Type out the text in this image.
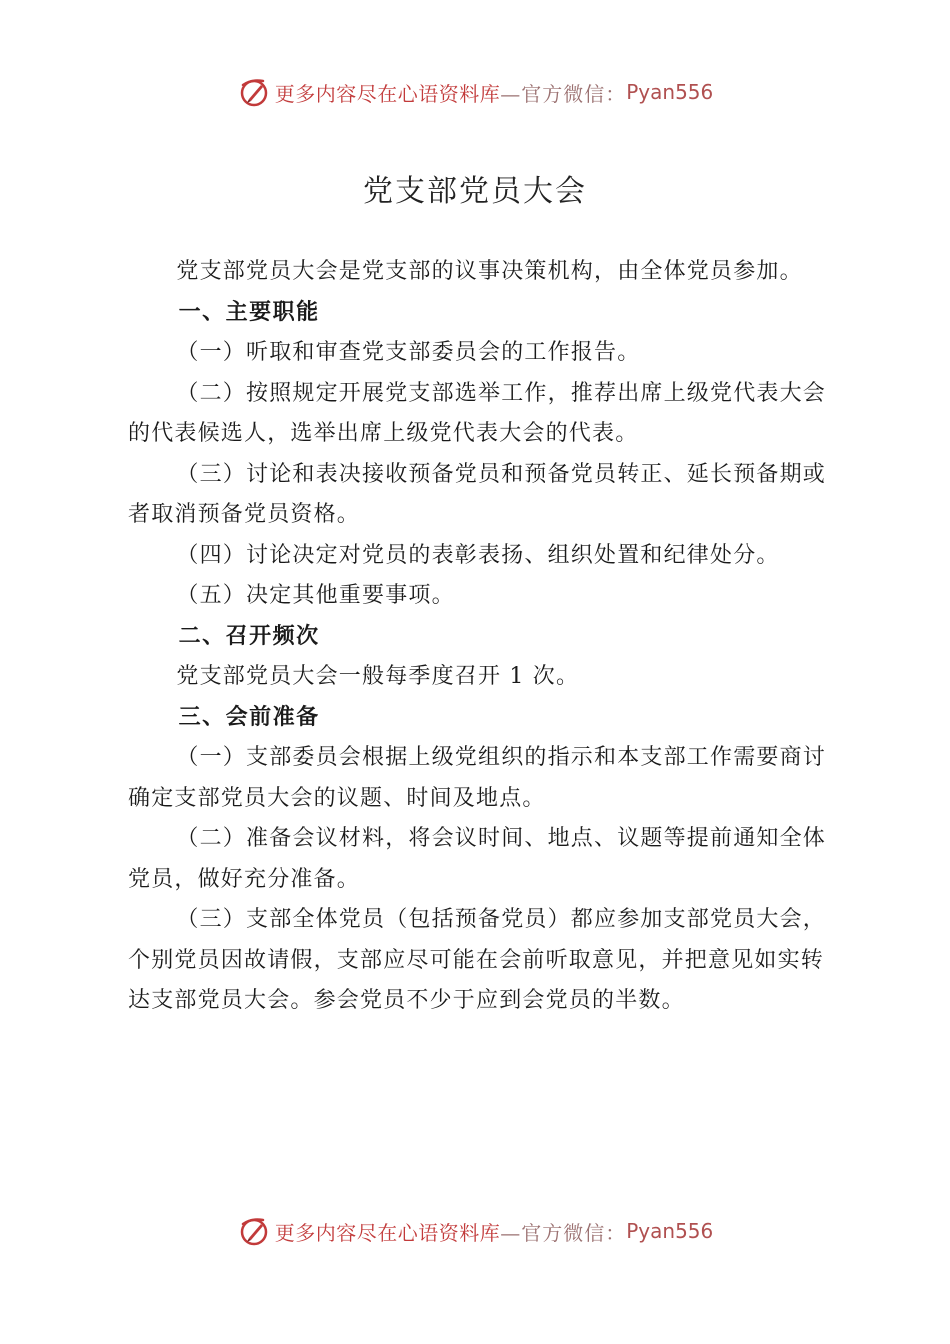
更多内容尽在心语资料库 —官方微信： Pyan556
党支部党员大会

党支部党员大会是党支部的议事决策机构，由全体党员参加。

一、主要职能

（一）听取和审查党支部委员会的工作报告。

（二）按照规定开展党支部选举工作，推荐出席上级党代表大会的代表候选人，选举出席上级党代表大会的代表。

（三）讨论和表决接收预备党员和预备党员转正、延长预备期或者取消预备党员资格。

（四）讨论决定对党员的表彰表扬、组织处置和纪律处分。

（五）决定其他重要事项。

二、召开频次

党支部党员大会一般每季度召开 1 次。

三、会前准备

（一）支部委员会根据上级党组织的指示和本支部工作需要商讨确定支部党员大会的议题、时间及地点。

（二）准备会议材料，将会议时间、地点、议题等提前通知全体党员，做好充分准备。

（三）支部全体党员（包括预备党员）都应参加支部党员大会，个别党员因故请假，支部应尽可能在会前听取意见，并把意见如实转达支部党员大会。参会党员不少于应到会党员的半数。

更多内容尽在心语资料库 —官方微信： Pyan556
